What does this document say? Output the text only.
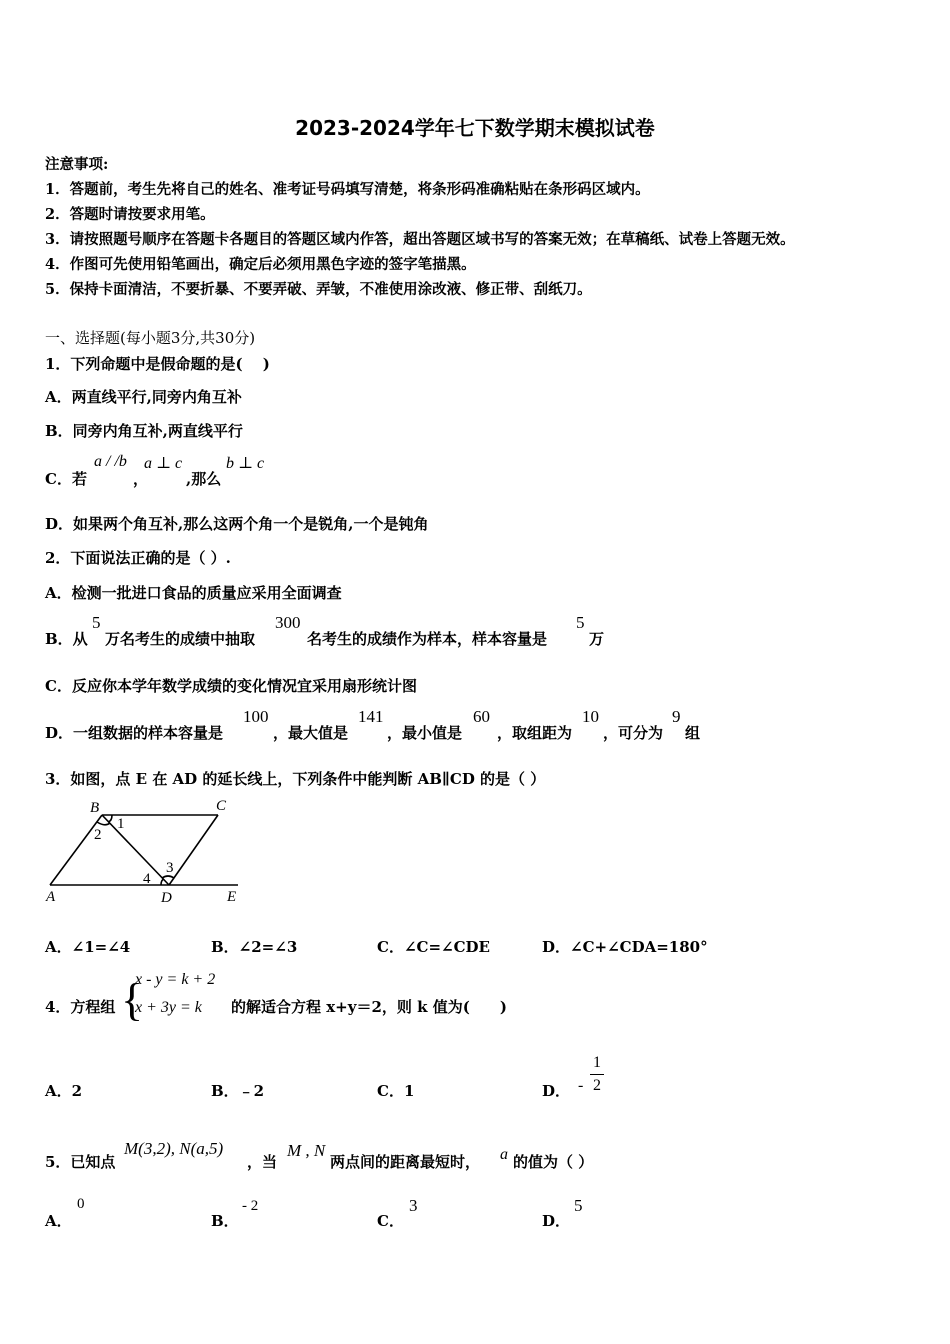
2023-2024学年七下数学期末模拟试卷
注意事项:
1．答题前，考生先将自己的姓名、准考证号码填写清楚，将条形码准确粘贴在条形码区域内。
2．答题时请按要求用笔。
3．请按照题号顺序在答题卡各题目的答题区域内作答，超出答题区域书写的答案无效；在草稿纸、试卷上答题无效。
4．作图可先使用铅笔画出，确定后必须用黑色字迹的签字笔描黑。
5．保持卡面清洁，不要折暴、不要弄破、弄皱，不准使用涂改液、修正带、刮纸刀。
一、选择题(每小题3分,共30分)
1．下列命题中是假命题的是(　 )
A．两直线平行,同旁内角互补
B．同旁内角互补,两直线平行
C．若
a / /b
，
a ⊥ c
,那么
b ⊥ c
D．如果两个角互补,那么这两个角一个是锐角,一个是钝角
2．下面说法正确的是（ ）.
A．检测一批进口食品的质量应采用全面调查
B．从
5
万名考生的成绩中抽取
300
名考生的成绩作为样本，样本容量是
5
万
C．反应你本学年数学成绩的变化情况宜采用扇形统计图
D．一组数据的样本容量是
100
，最大值是
141
，最小值是
60
，取组距为
10
，可分为
9
组
3．如图，点 E 在 AD 的延长线上，下列条件中能判断 AB∥CD 的是（ ）
B	C
A	D	E
1
2
3
4
A．∠1=∠4	B．∠2=∠3	C．∠C=∠CDE	D．∠C+∠CDA=180°
4．方程组 {
x - y = k + 2
x + 3y = k 的解适合方程 x+y＝2，则 k 值为(　　)
A．2	B．﹣2	C．1	D． -
1
2
5．已知点
M(3,2), N(a,5)
，当
M , N
两点间的距离最短时， a 的值为（ ）
A．
0
B．
- 2
C．
3
D．
5
